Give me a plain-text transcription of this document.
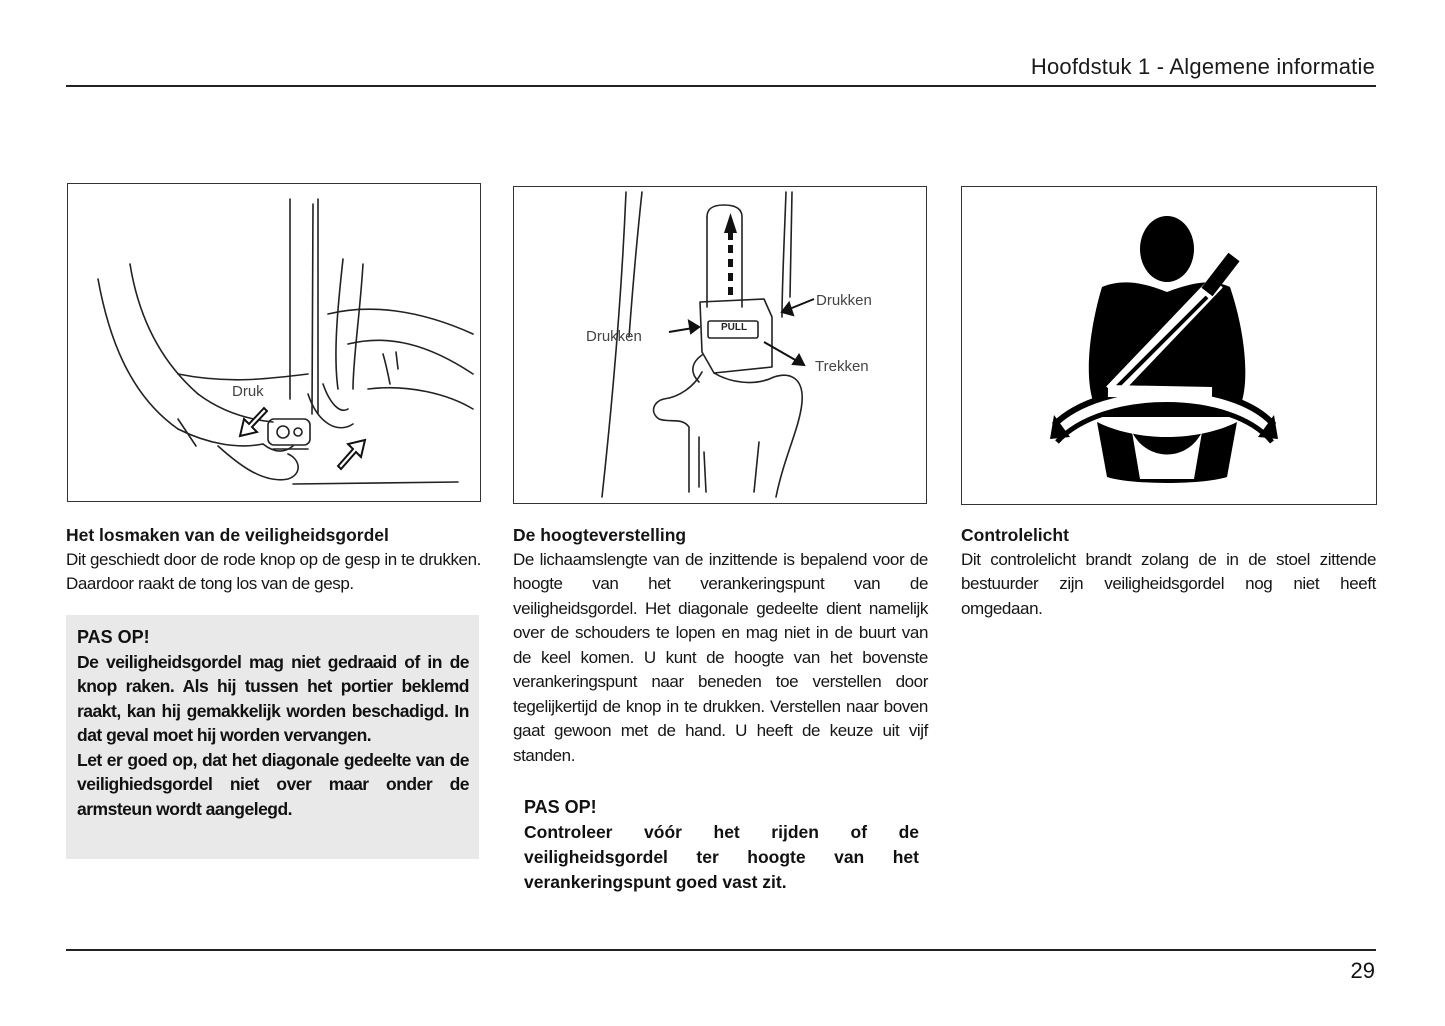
Hoofdstuk 1 - Algemene informatie
Druk
PULL
Drukken
Drukken
Trekken
Het losmaken van de veiligheidsgordel

Dit geschiedt door de rode knop op de gesp in te drukken. Daardoor raakt de tong los van de gesp.

PAS OP!
De veiligheidsgordel mag niet gedraaid of in de knop raken. Als hij tussen het portier beklemd raakt, kan hij gemakkelijk worden beschadigd. In dat geval moet hij worden vervangen.
Let er goed op, dat het diagonale gedeelte van de veilighiedsgordel niet over maar onder de armsteun wordt aangelegd.
De hoogteverstelling

De lichaamslengte van de inzittende is bepalend voor de hoogte van het verankeringspunt van de veiligheidsgordel. Het diagonale gedeelte dient namelijk over de schouders te lopen en mag niet in de buurt van de keel komen. U kunt de hoogte van het bovenste verankeringspunt naar beneden toe verstellen door tegelijkertijd de knop in te drukken. Verstellen naar boven gaat gewoon met de hand. U heeft de keuze uit vijf standen.

PAS OP!
Controleer vóór het rijden of de veiligheidsgordel ter hoogte van het verankeringspunt goed vast zit.
Controlelicht

Dit controlelicht brandt zolang de in de stoel zittende bestuurder zijn veiligheidsgordel nog niet heeft omgedaan.

29
